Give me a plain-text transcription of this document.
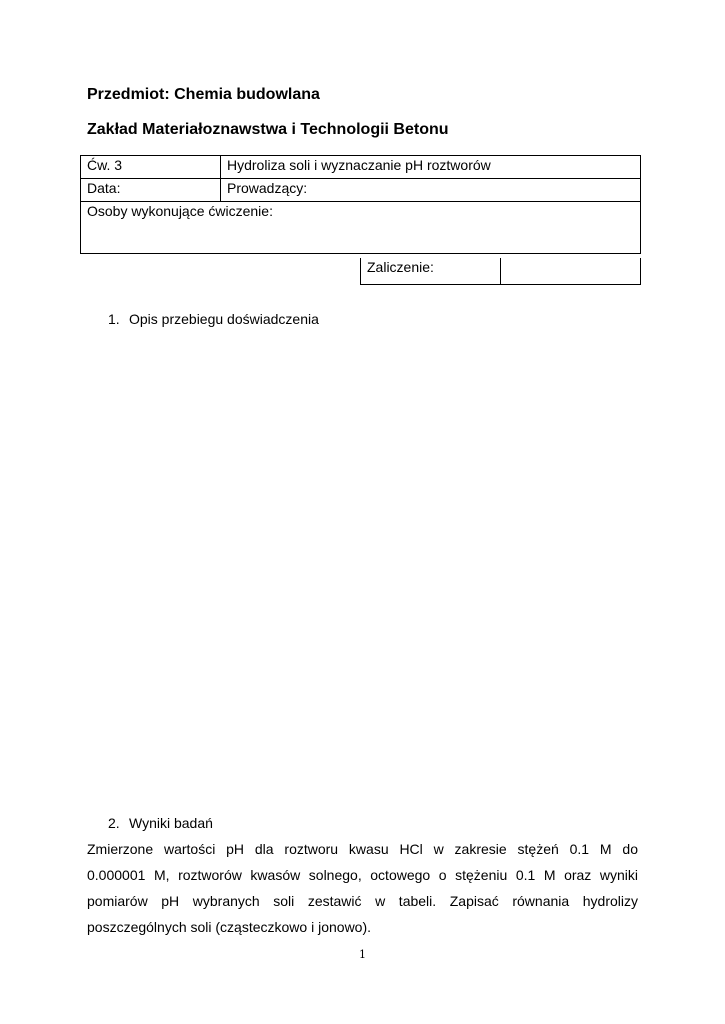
Przedmiot: Chemia budowlana
Zakład Materiałoznawstwa i Technologii Betonu
Ćw. 3	Hydroliza soli i wyznaczanie pH roztworów
Data:	Prowadzący:
Osoby wykonujące ćwiczenie:	
Zaliczenie:	
1. Opis przebiegu doświadczenia
2. Wyniki badań

Zmierzone wartości pH dla roztworu kwasu HCl w zakresie stężeń 0.1 M do
0.000001 M, roztworów kwasów solnego, octowego o stężeniu 0.1 M oraz wyniki
pomiarów pH wybranych soli zestawić w tabeli. Zapisać równania hydrolizy
poszczególnych soli (cząsteczkowo i jonowo).

1
